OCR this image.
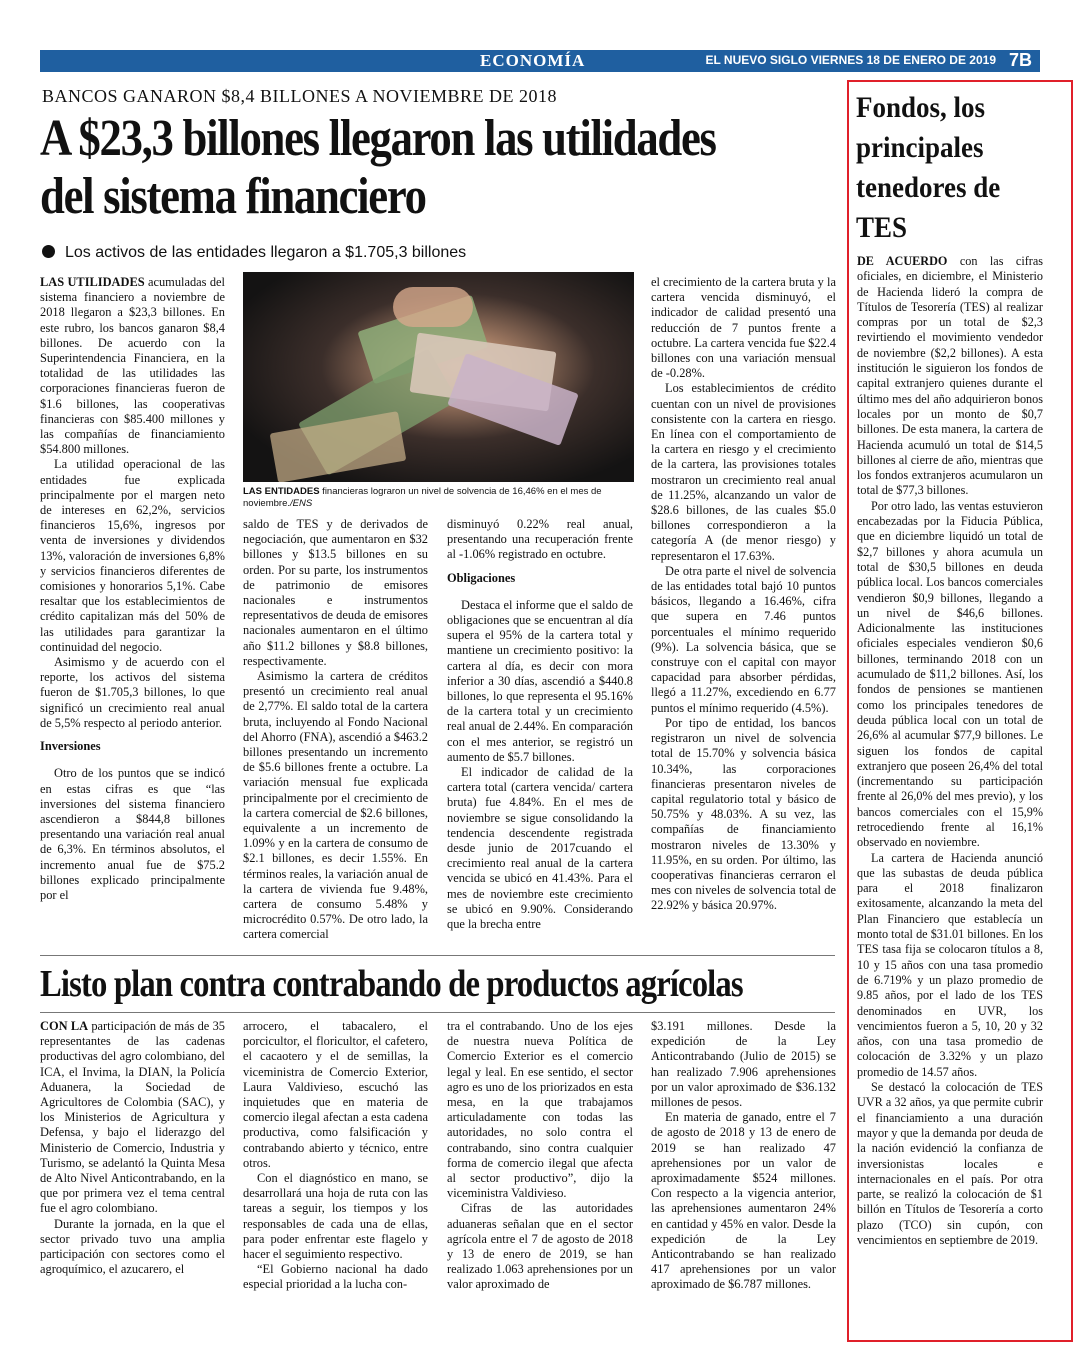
ECONOMÍA	EL NUEVO SIGLO VIERNES 18 DE ENERO DE 2019 7B
BANCOS GANARON $8,4 BILLONES A NOVIEMBRE DE 2018
A $23,3 billones llegaron las utilidades del sistema financiero
Los activos de las entidades llegaron a $1.705,3 billones

LAS UTILIDADES acumuladas del sistema financiero a noviembre de 2018 llegaron a $23,3 billones. En este rubro, los bancos ganaron $8,4 billones. De acuerdo con la Superintendencia Financiera, en la totalidad de las utilidades las corporaciones financieras fueron de $1.6 billones, las cooperativas financieras con $85.400 millones y las compañías de financiamiento $54.800 millones.

La utilidad operacional de las entidades fue explicada principalmente por el margen neto de intereses en 62,2%, servicios financieros 15,6%, ingresos por venta de inversiones y dividendos 13%, valoración de inversiones 6,8% y servicios financieros diferentes de comisiones y honorarios 5,1%. Cabe resaltar que los establecimientos de crédito capitalizan más del 50% de las utilidades para garantizar la continuidad del negocio.

Asimismo y de acuerdo con el reporte, los activos del sistema fueron de $1.705,3 billones, lo que significó un crecimiento real anual de 5,5% respecto al periodo anterior.

Inversiones

Otro de los puntos que se indicó en estas cifras es que “las inversiones del sistema financiero ascendieron a $844,8 billones presentando una variación real anual de 6,3%. En términos absolutos, el incremento anual fue de $75.2 billones explicado principalmente por el

LAS ENTIDADES financieras lograron un nivel de solvencia de 16,46% en el mes de noviembre./ENS

saldo de TES y de derivados de negociación, que aumentaron en $32 billones y $13.5 billones en su orden. Por su parte, los instrumentos de patrimonio de emisores nacionales e instrumentos representativos de deuda de emisores nacionales aumentaron en el último año $11.2 billones y $8.8 billones, respectivamente.

Asimismo la cartera de créditos presentó un crecimiento real anual de 2,77%. El saldo total de la cartera bruta, incluyendo al Fondo Nacional del Ahorro (FNA), ascendió a $463.2 billones presentando un incremento de $5.6 billones frente a octubre. La variación mensual fue explicada principalmente por el crecimiento de la cartera comercial de $2.6 billones, equivalente a un incremento de 1.09% y en la cartera de consumo de $2.1 billones, es decir 1.55%. En términos reales, la variación anual de la cartera de vivienda fue 9.48%, cartera de consumo 5.48% y microcrédito 0.57%. De otro lado, la cartera comercial

disminuyó 0.22% real anual, presentando una recuperación frente al -1.06% registrado en octubre.

Obligaciones

Destaca el informe que el saldo de obligaciones que se encuentran al día supera el 95% de la cartera total y mantiene un crecimiento positivo: la cartera al día, es decir con mora inferior a 30 días, ascendió a $440.8 billones, lo que representa el 95.16% de la cartera total y un crecimiento real anual de 2.44%. En comparación con el mes anterior, se registró un aumento de $5.7 billones.

El indicador de calidad de la cartera total (cartera vencida/ cartera bruta) fue 4.84%. En el mes de noviembre se sigue consolidando la tendencia descendente registrada desde junio de 2017cuando el crecimiento real anual de la cartera vencida se ubicó en 41.43%. Para el mes de noviembre este crecimiento se ubicó en 9.90%. Considerando que la brecha entre

el crecimiento de la cartera bruta y la cartera vencida disminuyó, el indicador de calidad presentó una reducción de 7 puntos frente a octubre. La cartera vencida fue $22.4 billones con una variación mensual de -0.28%.

Los establecimientos de crédito cuentan con un nivel de provisiones consistente con la cartera en riesgo. En línea con el comportamiento de la cartera en riesgo y el crecimiento de la cartera, las provisiones totales mostraron un crecimiento real anual de 11.25%, alcanzando un valor de $28.6 billones, de las cuales $5.0 billones correspondieron a la categoría A (de menor riesgo) y representaron el 17.63%.

De otra parte el nivel de solvencia de las entidades total bajó 10 puntos básicos, llegando a 16.46%, cifra que supera en 7.46 puntos porcentuales el mínimo requerido (9%). La solvencia básica, que se construye con el capital con mayor capacidad para absorber pérdidas, llegó a 11.27%, excediendo en 6.77 puntos el mínimo requerido (4.5%).

Por tipo de entidad, los bancos registraron un nivel de solvencia total de 15.70% y solvencia básica 10.34%, las corporaciones financieras presentaron niveles de capital regulatorio total y básico de 50.75% y 48.03%. A su vez, las compañías de financiamiento mostraron niveles de 13.30% y 11.95%, en su orden. Por último, las cooperativas financieras cerraron el mes con niveles de solvencia total de 22.92% y básica 20.97%.

Listo plan contra contrabando de productos agrícolas

CON LA participación de más de 35 representantes de las cadenas productivas del agro colombiano, del ICA, el Invima, la DIAN, la Policía Aduanera, la Sociedad de Agricultores de Colombia (SAC), y los Ministerios de Agricultura y Defensa, y bajo el liderazgo del Ministerio de Comercio, Industria y Turismo, se adelantó la Quinta Mesa de Alto Nivel Anticontrabando, en la que por primera vez el tema central fue el agro colombiano.

Durante la jornada, en la que el sector privado tuvo una amplia participación con sectores como el agroquímico, el azucarero, el

arrocero, el tabacalero, el porcicultor, el floricultor, el cafetero, el cacaotero y el de semillas, la viceministra de Comercio Exterior, Laura Valdivieso, escuchó las inquietudes que en materia de comercio ilegal afectan a esta cadena productiva, como falsificación y contrabando abierto y técnico, entre otros.

Con el diagnóstico en mano, se desarrollará una hoja de ruta con las tareas a seguir, los tiempos y los responsables de cada una de ellas, para poder enfrentar este flagelo y hacer el seguimiento respectivo.

“El Gobierno nacional ha dado especial prioridad a la lucha con-

tra el contrabando. Uno de los ejes de nuestra nueva Política de Comercio Exterior es el comercio legal y leal. En ese sentido, el sector agro es uno de los priorizados en esta mesa, en la que trabajamos articuladamente con todas las autoridades, no solo contra el contrabando, sino contra cualquier forma de comercio ilegal que afecta al sector productivo”, dijo la viceministra Valdivieso.

Cifras de las autoridades aduaneras señalan que en el sector agrícola entre el 7 de agosto de 2018 y 13 de enero de 2019, se han realizado 1.063 aprehensiones por un valor aproximado de

$3.191 millones. Desde la expedición de la Ley Anticontrabando (Julio de 2015) se han realizado 7.906 aprehensiones por un valor aproximado de $36.132 millones de pesos.

En materia de ganado, entre el 7 de agosto de 2018 y 13 de enero de 2019 se han realizado 47 aprehensiones por un valor de aproximadamente $524 millones. Con respecto a la vigencia anterior, las aprehensiones aumentaron 24% en cantidad y 45% en valor. Desde la expedición de la Ley Anticontrabando se han realizado 417 aprehensiones por un valor aproximado de $6.787 millones.

Fondos, los principales tenedores de TES

DE ACUERDO con las cifras oficiales, en diciembre, el Ministerio de Hacienda lideró la compra de Títulos de Tesorería (TES) al realizar compras por un total de $2,3 revirtiendo el movimiento vendedor de noviembre ($2,2 billones). A esta institución le siguieron los fondos de capital extranjero quienes durante el último mes del año adquirieron bonos locales por un monto de $0,7 billones. De esta manera, la cartera de Hacienda acumuló un total de $14,5 billones al cierre de año, mientras que los fondos extranjeros acumularon un total de $77,3 billones.

Por otro lado, las ventas estuvieron encabezadas por la Fiducia Pública, que en diciembre liquidó un total de $2,7 billones y ahora acumula un total de $30,5 billones en deuda pública local. Los bancos comerciales vendieron $0,9 billones, llegando a un nivel de $46,6 billones. Adicionalmente las instituciones oficiales especiales vendieron $0,6 billones, terminando 2018 con un acumulado de $11,2 billones. Así, los fondos de pensiones se mantienen como los principales tenedores de deuda pública local con un total de 26,6% al acumular $77,9 billones. Le siguen los fondos de capital extranjero que poseen 26,4% del total (incrementando su participación frente al 26,0% del mes previo), y los bancos comerciales con el 15,9% retrocediendo frente al 16,1% observado en noviembre.

La cartera de Hacienda anunció que las subastas de deuda pública para el 2018 finalizaron exitosamente, alcanzando la meta del Plan Financiero que establecía un monto total de $31.01 billones. En los TES tasa fija se colocaron títulos a 8, 10 y 15 años con una tasa promedio de 6.719% y un plazo promedio de 9.85 años, por el lado de los TES denominados en UVR, los vencimientos fueron a 5, 10, 20 y 32 años, con una tasa promedio de colocación de 3.32% y un plazo promedio de 14.57 años.

Se destacó la colocación de TES UVR a 32 años, ya que permite cubrir el financiamiento a una duración mayor y que la demanda por deuda de la nación evidenció la confianza de inversionistas locales e internacionales en el país. Por otra parte, se realizó la colocación de $1 billón en Títulos de Tesorería a corto plazo (TCO) sin cupón, con vencimientos en septiembre de 2019.
